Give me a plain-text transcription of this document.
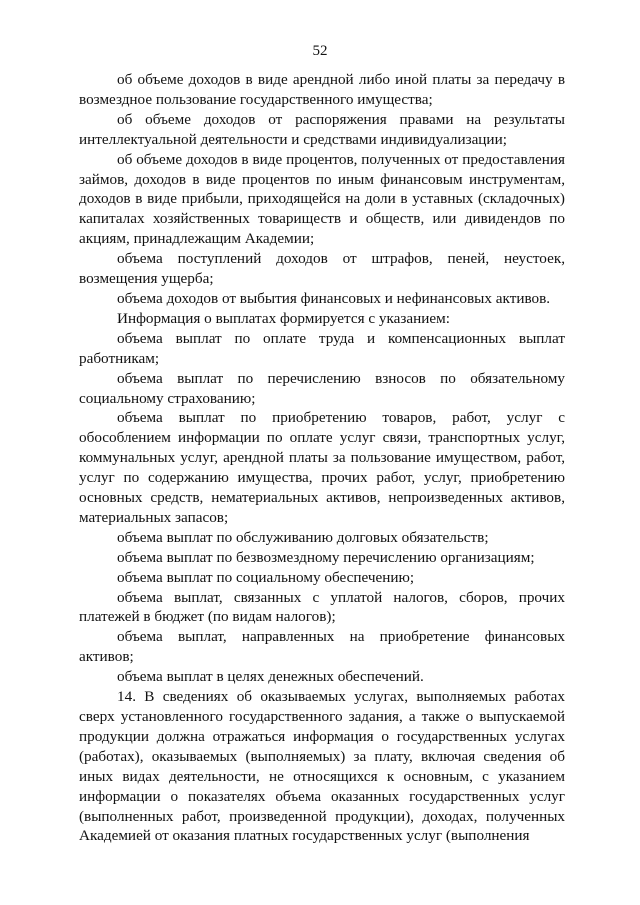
52

об объеме доходов в виде арендной либо иной платы за передачу в возмездное пользование государственного имущества;

об объеме доходов от распоряжения правами на результаты интеллектуальной деятельности и средствами индивидуализации;

об объеме доходов в виде процентов, полученных от предоставления займов, доходов в виде процентов по иным финансовым инструментам, доходов в виде прибыли, приходящейся на доли в уставных (складочных) капиталах хозяйственных товариществ и обществ, или дивидендов по акциям, принадлежащим Академии;

объема поступлений доходов от штрафов, пеней, неустоек, возмещения ущерба;

объема доходов от выбытия финансовых и нефинансовых активов.

Информация о выплатах формируется с указанием:

объема выплат по оплате труда и компенсационных выплат работникам;

объема выплат по перечислению взносов по обязательному социальному страхованию;

объема выплат по приобретению товаров, работ, услуг с обособлением информации по оплате услуг связи, транспортных услуг, коммунальных услуг, арендной платы за пользование имуществом, работ, услуг по содержанию имущества, прочих работ, услуг, приобретению основных средств, нематериальных активов, непроизведенных активов, материальных запасов;

объема выплат по обслуживанию долговых обязательств;

объема выплат по безвозмездному перечислению организациям;

объема выплат по социальному обеспечению;

объема выплат, связанных с уплатой налогов, сборов, прочих платежей в бюджет (по видам налогов);

объема выплат, направленных на приобретение финансовых активов;

объема выплат в целях денежных обеспечений.

14. В сведениях об оказываемых услугах, выполняемых работах сверх установленного государственного задания, а также о выпускаемой продукции должна отражаться информация о государственных услугах (работах), оказываемых (выполняемых) за плату, включая сведения об иных видах деятельности, не относящихся к основным, с указанием информации о показателях объема оказанных государственных услуг (выполненных работ, произведенной продукции), доходах, полученных Академией от оказания платных государственных услуг (выполнения
